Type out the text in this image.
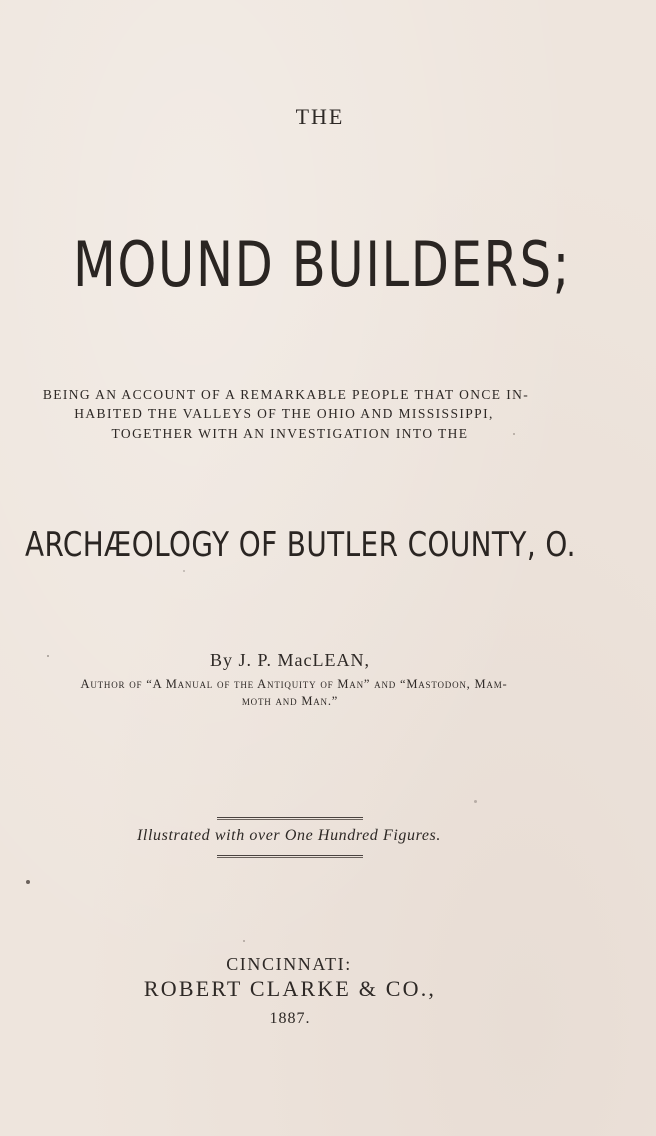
THE
MOUND BUILDERS;
BEING AN ACCOUNT OF A REMARKABLE PEOPLE THAT ONCE IN-
HABITED THE VALLEYS OF THE OHIO AND MISSISSIPPI,
TOGETHER WITH AN INVESTIGATION INTO THE
ARCHÆOLOGY OF BUTLER COUNTY, O.
By J. P. MacLEAN,
Author of “A Manual of the Antiquity of Man” and “Mastodon, Mam-
moth and Man.”
Illustrated with over One Hundred Figures.
CINCINNATI:
ROBERT CLARKE & CO.,
1887.
